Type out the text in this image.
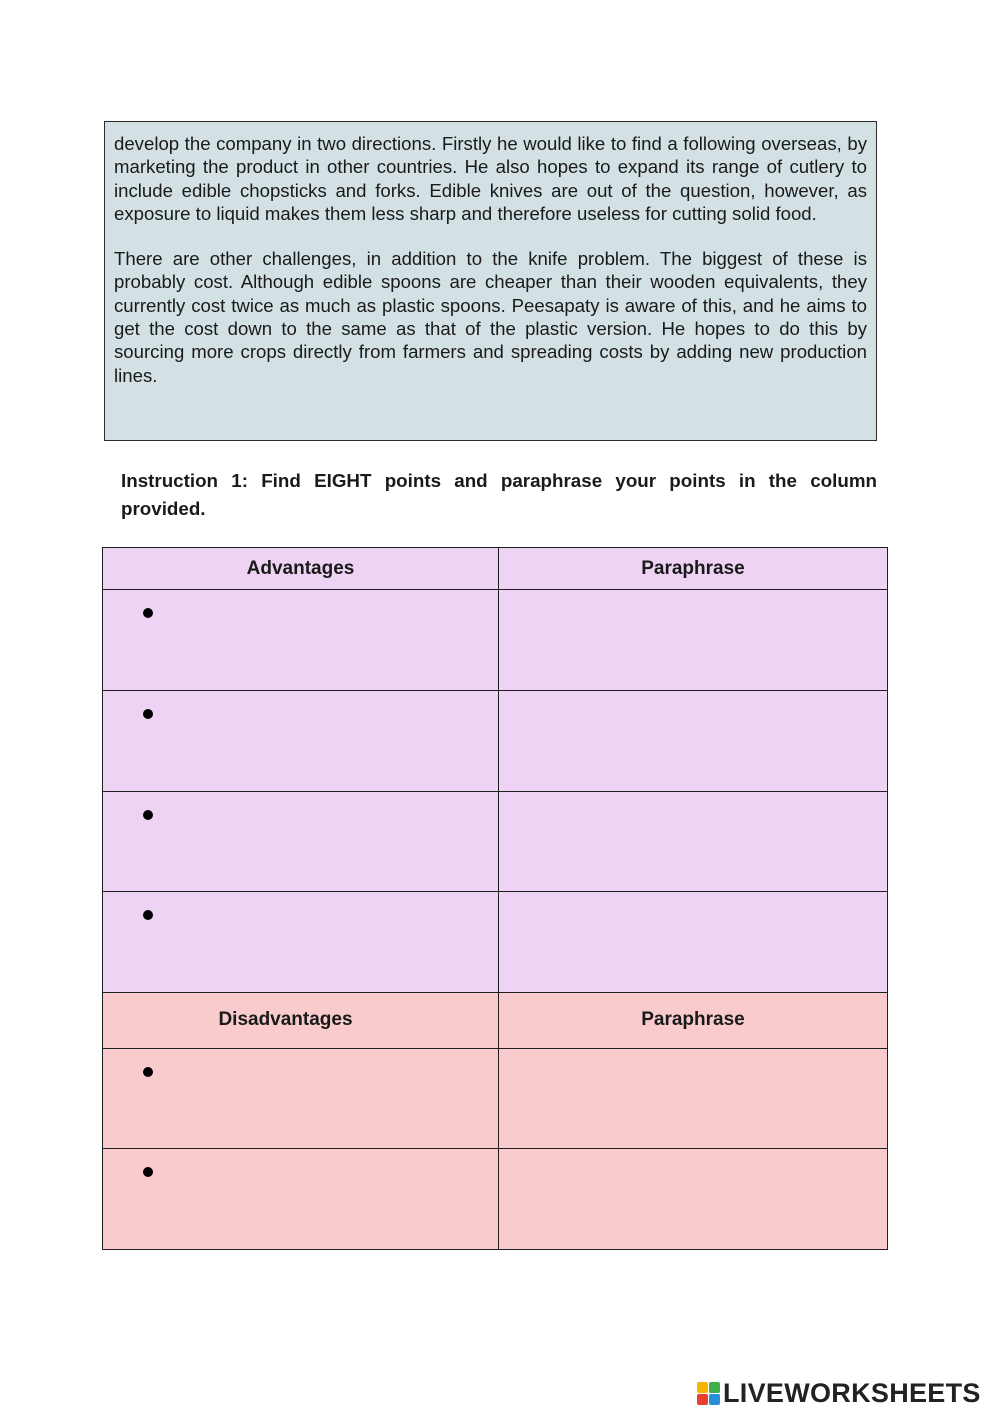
develop the company in two directions. Firstly he would like to find a following overseas, by marketing the product in other countries. He also hopes to expand its range of cutlery to include edible chopsticks and forks. Edible knives are out of the question, however, as exposure to liquid makes them less sharp and therefore useless for cutting solid food.

There are other challenges, in addition to the knife problem. The biggest of these is probably cost. Although edible spoons are cheaper than their wooden equivalents, they currently cost twice as much as plastic spoons. Peesapaty is aware of this, and he aims to get the cost down to the same as that of the plastic version. He hopes to do this by sourcing more crops directly from farmers and spreading costs by adding new production lines.

Instruction 1: Find EIGHT points and paraphrase your points in the column provided.

Advantages	Paraphrase

Disadvantages	Paraphrase

LIVEWORKSHEETS
